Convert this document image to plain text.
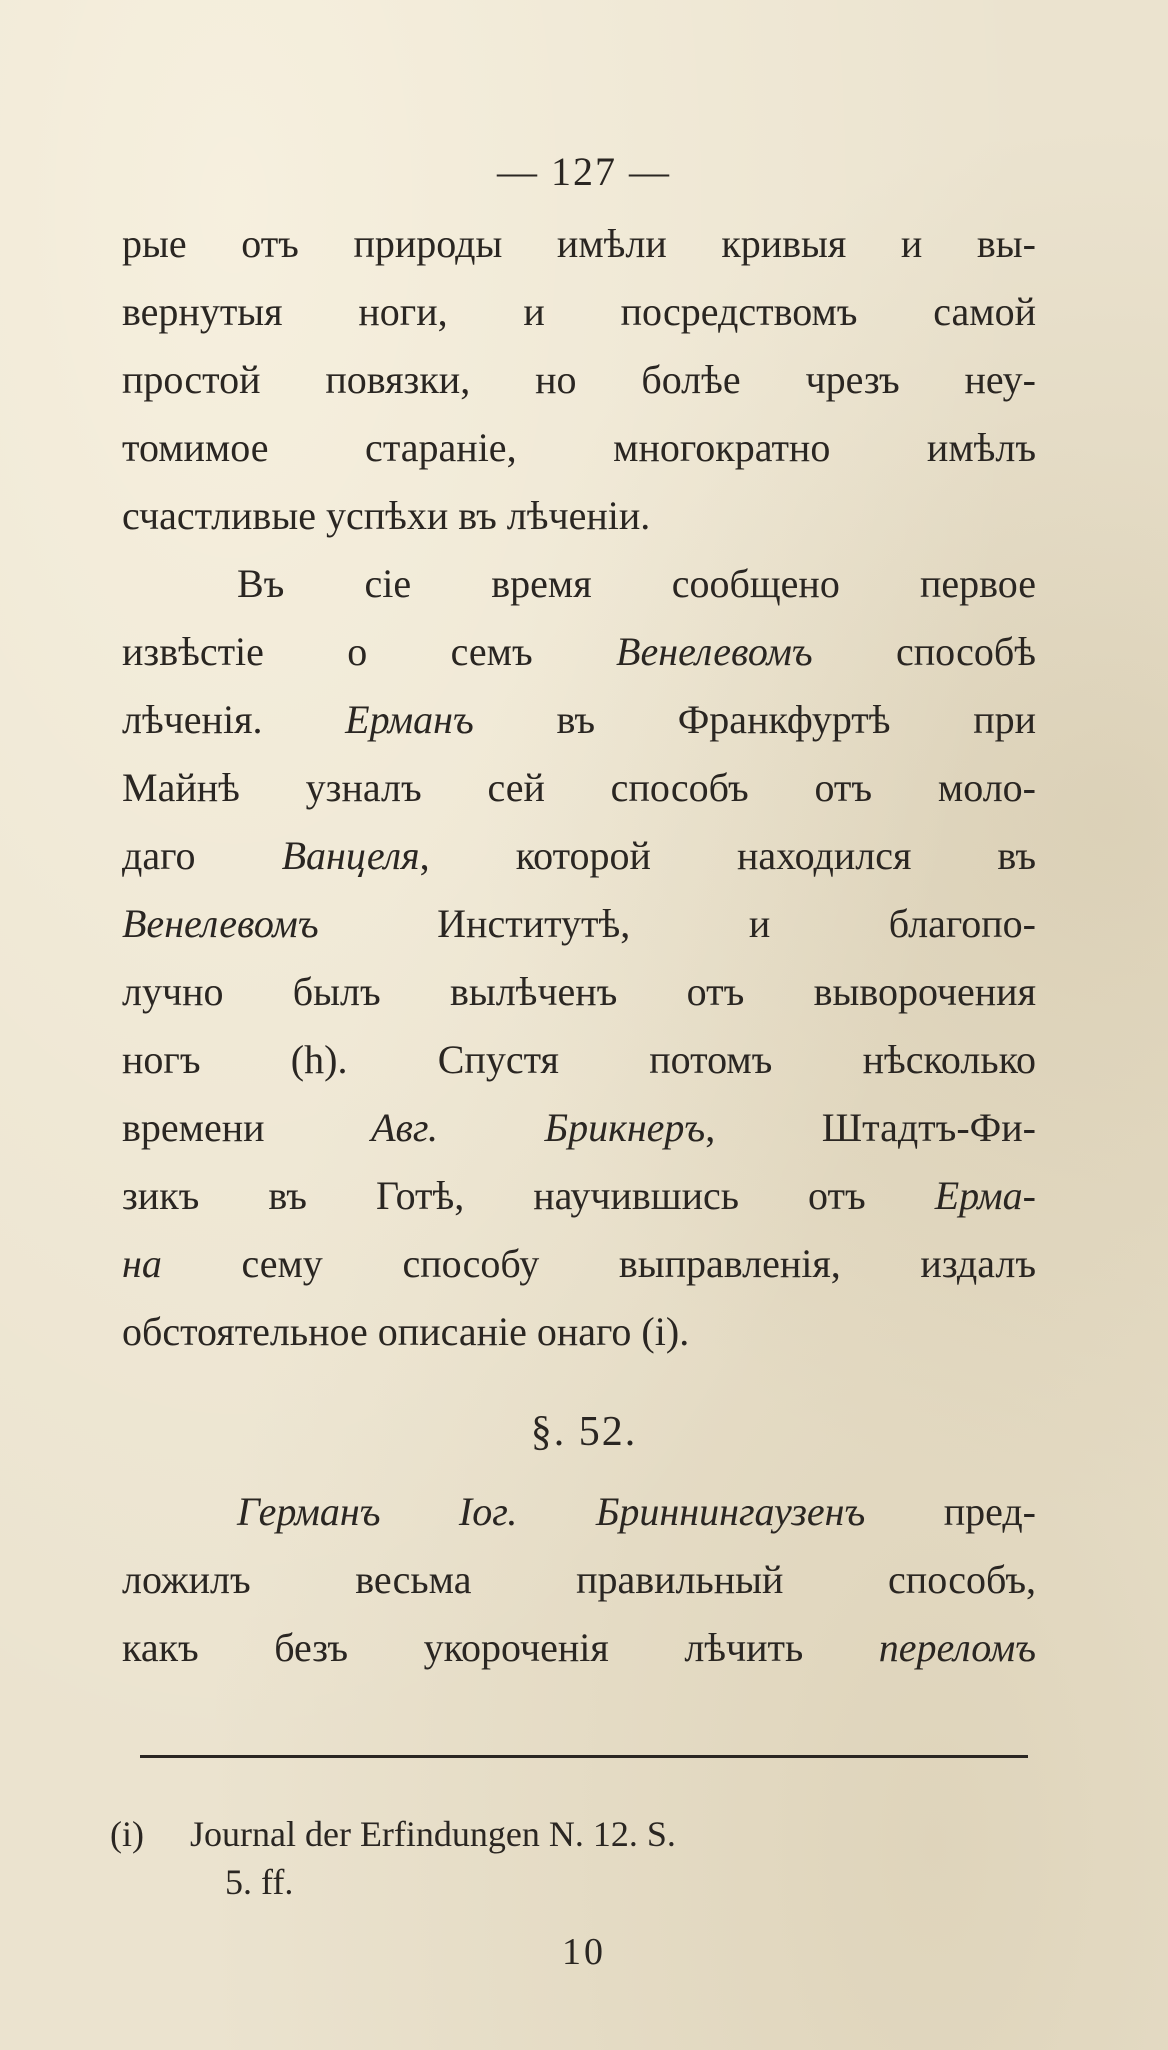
— 127 —
рые отъ природы имѣли кривыя и вы-
вернутыя ноги, и посредствомъ самой
простой повязки, но болѣе чрезъ неу-
томимое стараніе, многократно имѣлъ
счастливые успѣхи въ лѣченіи.
Въ сіе время сообщено первое
извѣстіе о семъ Венелевомъ способѣ
лѣченія. Ерманъ въ Франкфуртѣ при
Майнѣ узналъ сей способъ отъ моло-
даго Ванцеля, которой находился въ
Венелевомъ Институтѣ, и благопо-
лучно былъ вылѣченъ отъ выворочения
ногъ (h). Спустя потомъ нѣсколько
времени Авг. Брикнеръ, Штадтъ-Фи-
зикъ въ Готѣ, научившись отъ Ерма-
на сему способу выправленія, издалъ
обстоятельное описаніе онаго (i).
§. 52.
Германъ Іог. Бриннингаузенъ пред-
ложилъ весьма правильный способъ,
какъ безъ укороченія лѣчить переломъ
(i) Journal der Erfindungen N. 12. S.
5. ff.
10
